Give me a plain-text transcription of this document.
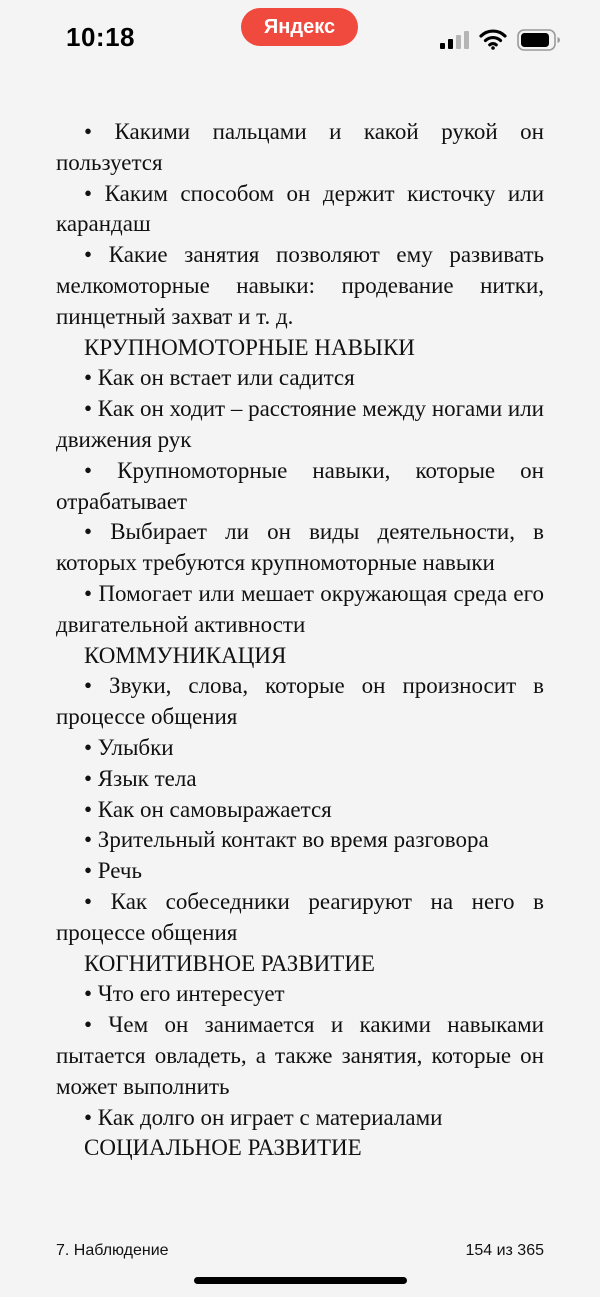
10:18	Яндекс

• Какими пальцами и какой рукой он пользуется

• Каким способом он держит кисточку или карандаш

• Какие занятия позволяют ему развивать мелкомоторные навыки: продевание нитки, пинцетный захват и т. д.

КРУПНОМОТОРНЫЕ НАВЫКИ

• Как он встает или садится

• Как он ходит – расстояние между ногами или движения рук

• Крупномоторные навыки, которые он отрабатывает

• Выбирает ли он виды деятельности, в которых требуются крупномоторные навыки

• Помогает или мешает окружающая среда его двигательной активности

КОММУНИКАЦИЯ

• Звуки, слова, которые он произносит в процессе общения

• Улыбки

• Язык тела

• Как он самовыражается

• Зрительный контакт во время разговора

• Речь

• Как собеседники реагируют на него в процессе общения

КОГНИТИВНОЕ РАЗВИТИЕ

• Что его интересует

• Чем он занимается и какими навыками пытается овладеть, а также занятия, которые он может выполнить

• Как долго он играет с материалами

СОЦИАЛЬНОЕ РАЗВИТИЕ

7. Наблюдение	154 из 365
